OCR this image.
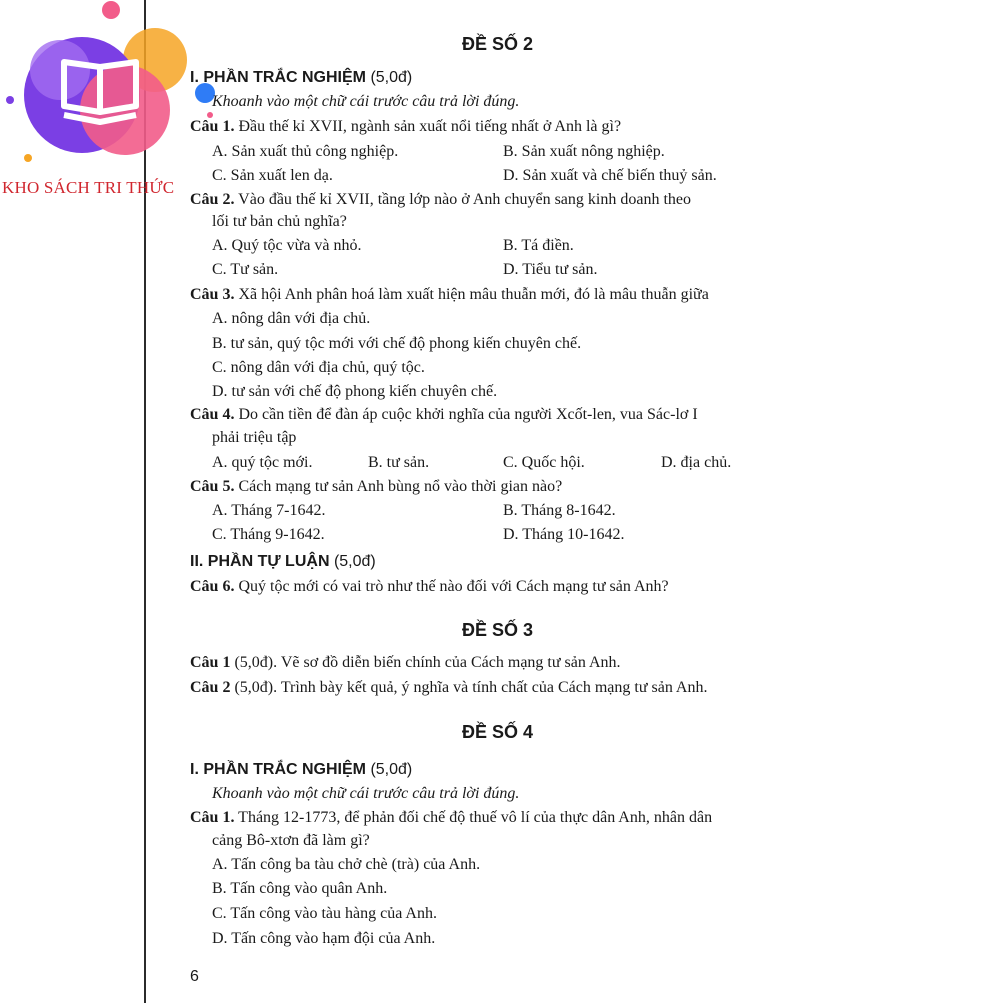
KHO SÁCH TRI THỨC
ĐỀ SỐ 2
I. PHẦN TRẮC NGHIỆM (5,0đ)
Khoanh vào một chữ cái trước câu trả lời đúng.
Câu 1. Đầu thế kỉ XVII, ngành sản xuất nổi tiếng nhất ở Anh là gì?
A. Sản xuất thủ công nghiệp.	B. Sản xuất nông nghiệp.
C. Sản xuất len dạ.	D. Sản xuất và chế biến thuỷ sản.
Câu 2. Vào đầu thế kỉ XVII, tầng lớp nào ở Anh chuyển sang kinh doanh theo
lối tư bản chủ nghĩa?
A. Quý tộc vừa và nhỏ.	B. Tá điền.
C. Tư sản.	D. Tiểu tư sản.
Câu 3. Xã hội Anh phân hoá làm xuất hiện mâu thuẫn mới, đó là mâu thuẫn giữa
A. nông dân với địa chủ.
B. tư sản, quý tộc mới với chế độ phong kiến chuyên chế.
C. nông dân với địa chủ, quý tộc.
D. tư sản với chế độ phong kiến chuyên chế.
Câu 4. Do cần tiền để đàn áp cuộc khởi nghĩa của người Xcốt-len, vua Sác-lơ I
phải triệu tập
A. quý tộc mới.	B. tư sản.	C. Quốc hội.	D. địa chủ.
Câu 5. Cách mạng tư sản Anh bùng nổ vào thời gian nào?
A. Tháng 7-1642.	B. Tháng 8-1642.
C. Tháng 9-1642.	D. Tháng 10-1642.
II. PHẦN TỰ LUẬN (5,0đ)
Câu 6. Quý tộc mới có vai trò như thế nào đối với Cách mạng tư sản Anh?
ĐỀ SỐ 3
Câu 1 (5,0đ). Vẽ sơ đồ diễn biến chính của Cách mạng tư sản Anh.
Câu 2 (5,0đ). Trình bày kết quả, ý nghĩa và tính chất của Cách mạng tư sản Anh.
ĐỀ SỐ 4
I. PHẦN TRẮC NGHIỆM (5,0đ)
Khoanh vào một chữ cái trước câu trả lời đúng.
Câu 1. Tháng 12-1773, để phản đối chế độ thuế vô lí của thực dân Anh, nhân dân
cảng Bô-xtơn đã làm gì?
A. Tấn công ba tàu chở chè (trà) của Anh.
B. Tấn công vào quân Anh.
C. Tấn công vào tàu hàng của Anh.
D. Tấn công vào hạm đội của Anh.
6
